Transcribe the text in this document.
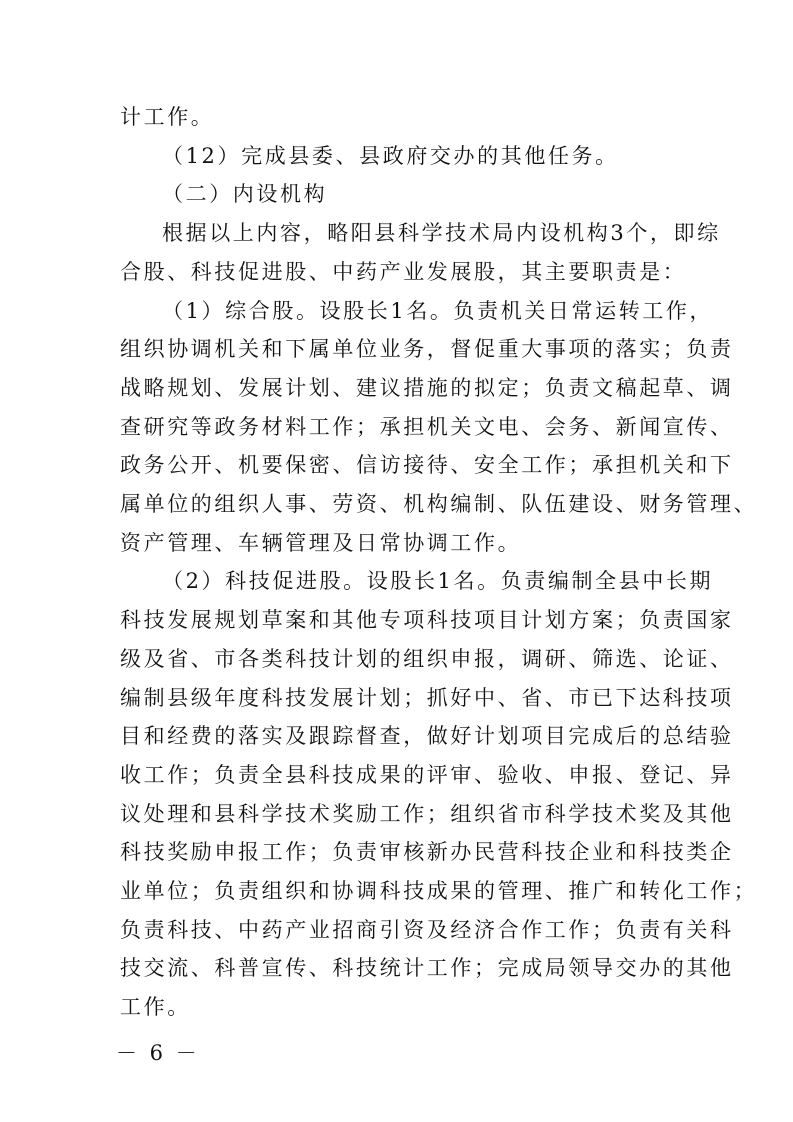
计工作。
（12）完成县委、县政府交办的其他任务。
（二）内设机构
根据以上内容，略阳县科学技术局内设机构3个，即综
合股、科技促进股、中药产业发展股，其主要职责是：
（1）综合股。设股长1名。负责机关日常运转工作，
组织协调机关和下属单位业务，督促重大事项的落实；负责
战略规划、发展计划、建议措施的拟定；负责文稿起草、调
查研究等政务材料工作；承担机关文电、会务、新闻宣传、
政务公开、机要保密、信访接待、安全工作；承担机关和下
属单位的组织人事、劳资、机构编制、队伍建设、财务管理、
资产管理、车辆管理及日常协调工作。
（2）科技促进股。设股长1名。负责编制全县中长期
科技发展规划草案和其他专项科技项目计划方案；负责国家
级及省、市各类科技计划的组织申报，调研、筛选、论证、
编制县级年度科技发展计划；抓好中、省、市已下达科技项
目和经费的落实及跟踪督查，做好计划项目完成后的总结验
收工作；负责全县科技成果的评审、验收、申报、登记、异
议处理和县科学技术奖励工作；组织省市科学技术奖及其他
科技奖励申报工作；负责审核新办民营科技企业和科技类企
业单位；负责组织和协调科技成果的管理、推广和转化工作；
负责科技、中药产业招商引资及经济合作工作；负责有关科
技交流、科普宣传、科技统计工作；完成局领导交办的其他
工作。
－ 6 －
